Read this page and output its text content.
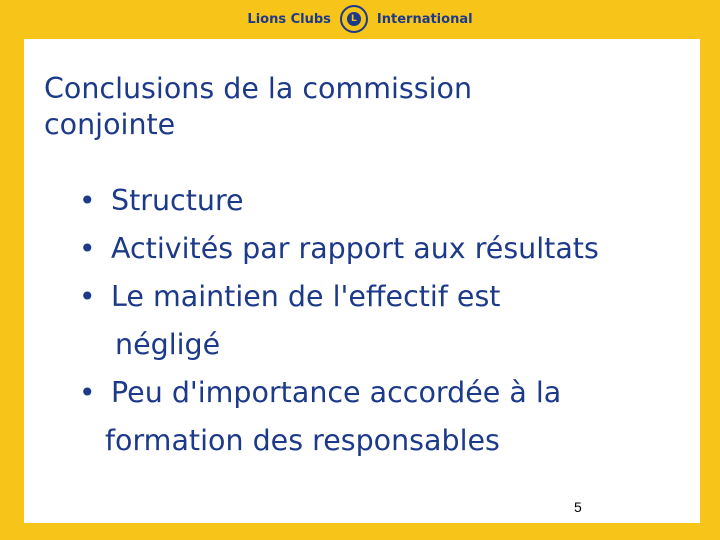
Lions Clubs	L	International
Conclusions de la commission
conjointe
• Structure
• Activités par rapport aux résultats
• Le maintien de l'effectif est
négligé
• Peu d'importance accordée à la
formation des responsables
5
